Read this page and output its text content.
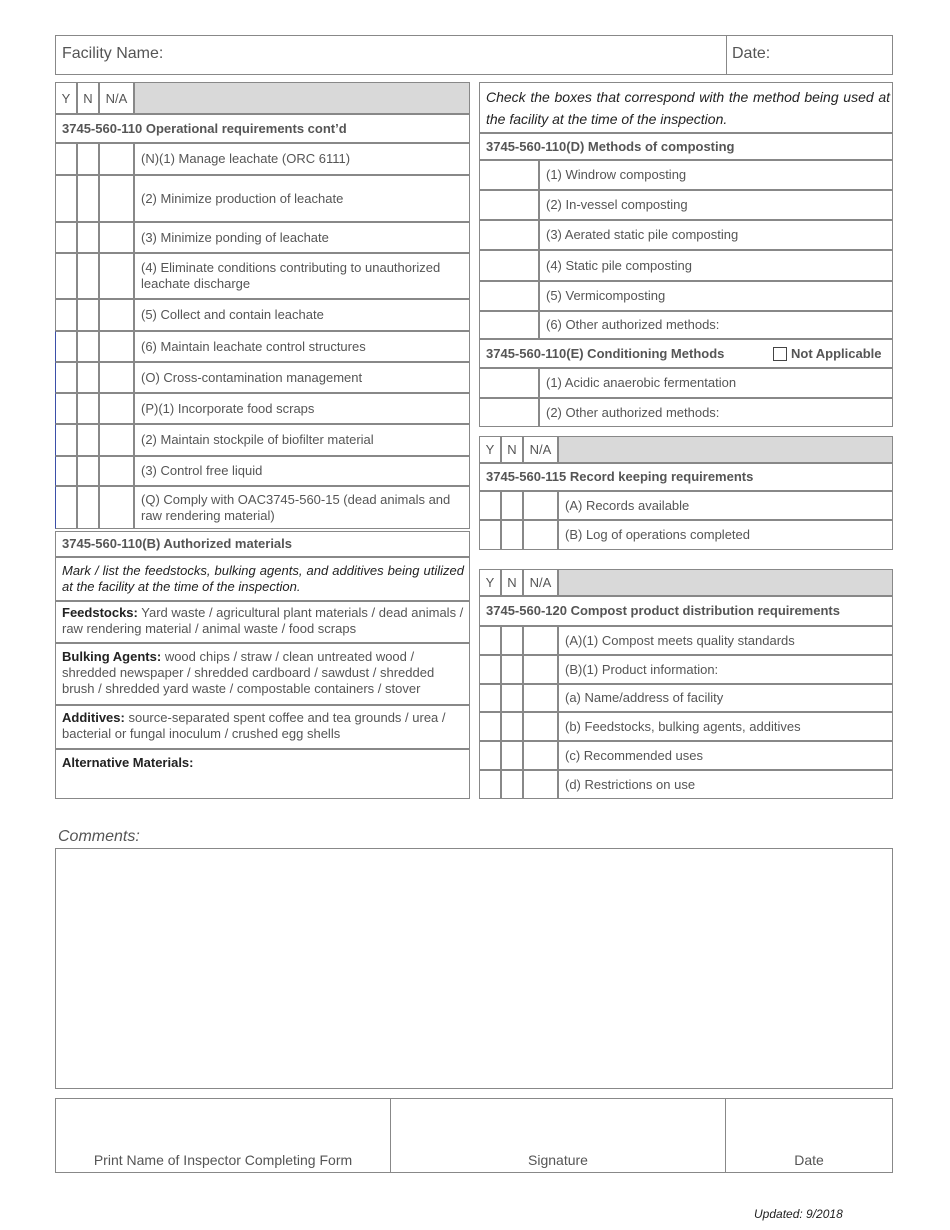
Facility Name:	Date:
Y N N/A
3745-560-110 Operational requirements cont’d
(N)(1) Manage leachate (ORC 6111)
(2) Minimize production of leachate
(3) Minimize ponding of leachate
(4) Eliminate conditions contributing to unauthorized leachate discharge
(5) Collect and contain leachate
(6) Maintain leachate control structures
(O) Cross-contamination management
(P)(1) Incorporate food scraps
(2) Maintain stockpile of biofilter material
(3) Control free liquid
(Q) Comply with OAC3745-560-15 (dead animals and raw rendering material)
3745-560-110(B) Authorized materials
Mark / list the feedstocks, bulking agents, and additives being utilized at the facility at the time of the inspection.
Feedstocks: Yard waste / agricultural plant materials / dead animals / raw rendering material / animal waste / food scraps
Bulking Agents: wood chips / straw / clean untreated wood / shredded newspaper / shredded cardboard / sawdust / shredded brush / shredded yard waste / compostable containers / stover
Additives: source-separated spent coffee and tea grounds / urea / bacterial or fungal inoculum / crushed egg shells
Alternative Materials:
Check the boxes that correspond with the method being used at the facility at the time of the inspection.
3745-560-110(D) Methods of composting
(1) Windrow composting
(2) In-vessel composting
(3) Aerated static pile composting
(4) Static pile composting
(5) Vermicomposting
(6) Other authorized methods:
3745-560-110(E) Conditioning Methods	Not Applicable
(1) Acidic anaerobic fermentation
(2) Other authorized methods:
Y N N/A
3745-560-115 Record keeping requirements
(A) Records available
(B) Log of operations completed
Y N N/A
3745-560-120 Compost product distribution requirements
(A)(1) Compost meets quality standards
(B)(1) Product information:
(a) Name/address of facility
(b) Feedstocks, bulking agents, additives
(c) Recommended uses
(d) Restrictions on use
Comments:
Print Name of Inspector Completing Form	Signature	Date
Updated: 9/2018
